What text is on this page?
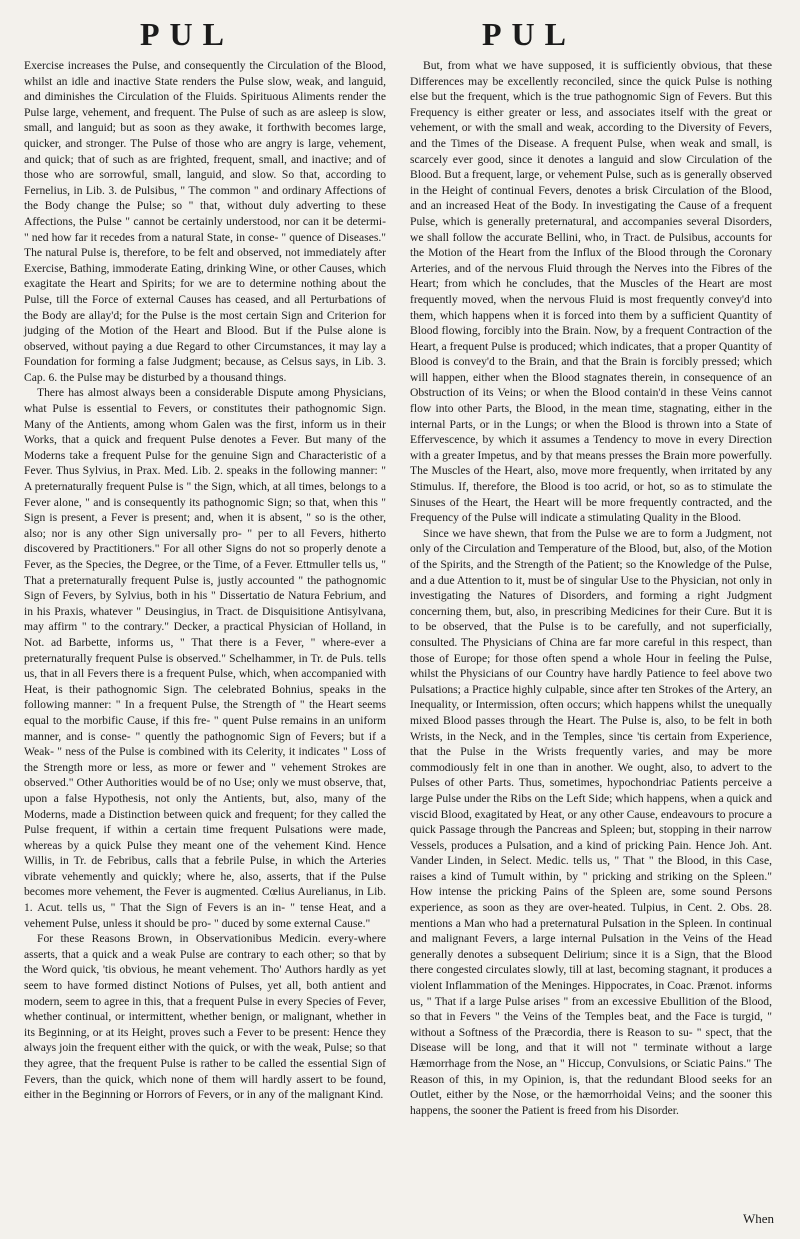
PUL	PUL

Exercise increases the Pulse, and consequently the Circulation of the Blood, whilst an idle and inactive State renders the Pulse slow, weak, and languid, and diminishes the Circulation of the Fluids. Spirituous Aliments render the Pulse large, vehement, and frequent. The Pulse of such as are asleep is slow, small, and languid; but as soon as they awake, it forthwith becomes large, quicker, and stronger. The Pulse of those who are angry is large, vehement, and quick; that of such as are frighted, frequent, small, and inactive; and of those who are sorrowful, small, languid, and slow. So that, according to Fernelius, in Lib. 3. de Pulsibus, " The common " and ordinary Affections of the Body change the Pulse; so " that, without duly adverting to these Affections, the Pulse " cannot be certainly understood, nor can it be determi- " ned how far it recedes from a natural State, in conse- " quence of Diseases." The natural Pulse is, therefore, to be felt and observed, not immediately after Exercise, Bathing, immoderate Eating, drinking Wine, or other Causes, which exagitate the Heart and Spirits; for we are to determine nothing about the Pulse, till the Force of external Causes has ceased, and all Perturbations of the Body are allay'd; for the Pulse is the most certain Sign and Criterion for judging of the Motion of the Heart and Blood. But if the Pulse alone is observed, without paying a due Regard to other Circumstances, it may lay a Foundation for forming a false Judgment; because, as Celsus says, in Lib. 3. Cap. 6. the Pulse may be disturbed by a thousand things.

There has almost always been a considerable Dispute among Physicians, what Pulse is essential to Fevers, or constitutes their pathognomic Sign. Many of the Antients, among whom Galen was the first, inform us in their Works, that a quick and frequent Pulse denotes a Fever. But many of the Moderns take a frequent Pulse for the genuine Sign and Characteristic of a Fever. Thus Sylvius, in Prax. Med. Lib. 2. speaks in the following manner: " A preternaturally frequent Pulse is " the Sign, which, at all times, belongs to a Fever alone, " and is consequently its pathognomic Sign; so that, when this " Sign is present, a Fever is present; and, when it is absent, " so is the other, also; nor is any other Sign universally pro- " per to all Fevers, hitherto discovered by Practitioners." For all other Signs do not so properly denote a Fever, as the Species, the Degree, or the Time, of a Fever. Ettmuller tells us, " That a preternaturally frequent Pulse is, justly accounted " the pathognomic Sign of Fevers, by Sylvius, both in his " Dissertatio de Natura Febrium, and in his Praxis, whatever " Deusingius, in Tract. de Disquisitione Antisylvana, may affirm " to the contrary." Decker, a practical Physician of Holland, in Not. ad Barbette, informs us, " That there is a Fever, " where-ever a preternaturally frequent Pulse is observed." Schelhammer, in Tr. de Puls. tells us, that in all Fevers there is a frequent Pulse, which, when accompanied with Heat, is their pathognomic Sign. The celebrated Bohnius, speaks in the following manner: " In a frequent Pulse, the Strength of " the Heart seems equal to the morbific Cause, if this fre- " quent Pulse remains in an uniform manner, and is conse- " quently the pathognomic Sign of Fevers; but if a Weak- " ness of the Pulse is combined with its Celerity, it indicates " Loss of the Strength more or less, as more or fewer and " vehement Strokes are observed." Other Authorities would be of no Use; only we must observe, that, upon a false Hypothesis, not only the Antients, but, also, many of the Moderns, made a Distinction between quick and frequent; for they called the Pulse frequent, if within a certain time frequent Pulsations were made, whereas by a quick Pulse they meant one of the vehement Kind. Hence Willis, in Tr. de Febribus, calls that a febrile Pulse, in which the Arteries vibrate vehemently and quickly; where he, also, asserts, that if the Pulse becomes more vehement, the Fever is augmented. Cœlius Aurelianus, in Lib. 1. Acut. tells us, " That the Sign of Fevers is an in- " tense Heat, and a vehement Pulse, unless it should be pro- " duced by some external Cause."

For these Reasons Brown, in Observationibus Medicin. every-where asserts, that a quick and a weak Pulse are contrary to each other; so that by the Word quick, 'tis obvious, he meant vehement. Tho' Authors hardly as yet seem to have formed distinct Notions of Pulses, yet all, both antient and modern, seem to agree in this, that a frequent Pulse in every Species of Fever, whether continual, or intermittent, whether benign, or malignant, whether in its Beginning, or at its Height, proves such a Fever to be present: Hence they always join the frequent either with the quick, or with the weak, Pulse; so that they agree, that the frequent Pulse is rather to be called the essential Sign of Fevers, than the quick, which none of them will hardly assert to be found, either in the Beginning or Horrors of Fevers, or in any of the malignant Kind.

But, from what we have supposed, it is sufficiently obvious, that these Differences may be excellently reconciled, since the quick Pulse is nothing else but the frequent, which is the true pathognomic Sign of Fevers. But this Frequency is either greater or less, and associates itself with the great or vehement, or with the small and weak, according to the Diversity of Fevers, and the Times of the Disease. A frequent Pulse, when weak and small, is scarcely ever good, since it denotes a languid and slow Circulation of the Blood. But a frequent, large, or vehement Pulse, such as is generally observed in the Height of continual Fevers, denotes a brisk Circulation of the Blood, and an increased Heat of the Body. In investigating the Cause of a frequent Pulse, which is generally preternatural, and accompanies several Disorders, we shall follow the accurate Bellini, who, in Tract. de Pulsibus, accounts for the Motion of the Heart from the Influx of the Blood through the Coronary Arteries, and of the nervous Fluid through the Nerves into the Fibres of the Heart; from which he concludes, that the Muscles of the Heart are most frequently moved, when the nervous Fluid is most frequently convey'd into them, which happens when it is forced into them by a sufficient Quantity of Blood flowing, forcibly into the Brain. Now, by a frequent Contraction of the Heart, a frequent Pulse is produced; which indicates, that a proper Quantity of Blood is convey'd to the Brain, and that the Brain is forcibly pressed; which will happen, either when the Blood stagnates therein, in consequence of an Obstruction of its Veins; or when the Blood contain'd in these Veins cannot flow into other Parts, the Blood, in the mean time, stagnating, either in the internal Parts, or in the Lungs; or when the Blood is thrown into a State of Effervescence, by which it assumes a Tendency to move in every Direction with a greater Impetus, and by that means presses the Brain more powerfully. The Muscles of the Heart, also, move more frequently, when irritated by any Stimulus. If, therefore, the Blood is too acrid, or hot, so as to stimulate the Sinuses of the Heart, the Heart will be more frequently contracted, and the Frequency of the Pulse will indicate a stimulating Quality in the Blood.

Since we have shewn, that from the Pulse we are to form a Judgment, not only of the Circulation and Temperature of the Blood, but, also, of the Motion of the Spirits, and the Strength of the Patient; so the Knowledge of the Pulse, and a due Attention to it, must be of singular Use to the Physician, not only in investigating the Natures of Disorders, and forming a right Judgment concerning them, but, also, in prescribing Medicines for their Cure. But it is to be observed, that the Pulse is to be carefully, and not superficially, consulted. The Physicians of China are far more careful in this respect, than those of Europe; for those often spend a whole Hour in feeling the Pulse, whilst the Physicians of our Country have hardly Patience to feel above two Pulsations; a Practice highly culpable, since after ten Strokes of the Artery, an Inequality, or Intermission, often occurs; which happens whilst the unequally mixed Blood passes through the Heart. The Pulse is, also, to be felt in both Wrists, in the Neck, and in the Temples, since 'tis certain from Experience, that the Pulse in the Wrists frequently varies, and may be more commodiously felt in one than in another. We ought, also, to advert to the Pulses of other Parts. Thus, sometimes, hypochondriac Patients perceive a large Pulse under the Ribs on the Left Side; which happens, when a quick and viscid Blood, exagitated by Heat, or any other Cause, endeavours to procure a quick Passage through the Pancreas and Spleen; but, stopping in their narrow Vessels, produces a Pulsation, and a kind of pricking Pain. Hence Joh. Ant. Vander Linden, in Select. Medic. tells us, " That " the Blood, in this Case, raises a kind of Tumult within, by " pricking and striking on the Spleen." How intense the pricking Pains of the Spleen are, some sound Persons experience, as soon as they are over-heated. Tulpius, in Cent. 2. Obs. 28. mentions a Man who had a preternatural Pulsation in the Spleen. In continual and malignant Fevers, a large internal Pulsation in the Veins of the Head generally denotes a subsequent Delirium; since it is a Sign, that the Blood there congested circulates slowly, till at last, becoming stagnant, it produces a violent Inflammation of the Meninges. Hippocrates, in Coac. Prænot. informs us, " That if a large Pulse arises " from an excessive Ebullition of the Blood, so that in Fevers " the Veins of the Temples beat, and the Face is turgid, " without a Softness of the Præcordia, there is Reason to su- " spect, that the Disease will be long, and that it will not " terminate without a large Hæmorrhage from the Nose, an " Hiccup, Convulsions, or Sciatic Pains." The Reason of this, in my Opinion, is, that the redundant Blood seeks for an Outlet, either by the Nose, or the hæmorrhoidal Veins; and the sooner this happens, the sooner the Patient is freed from his Disorder.

When
